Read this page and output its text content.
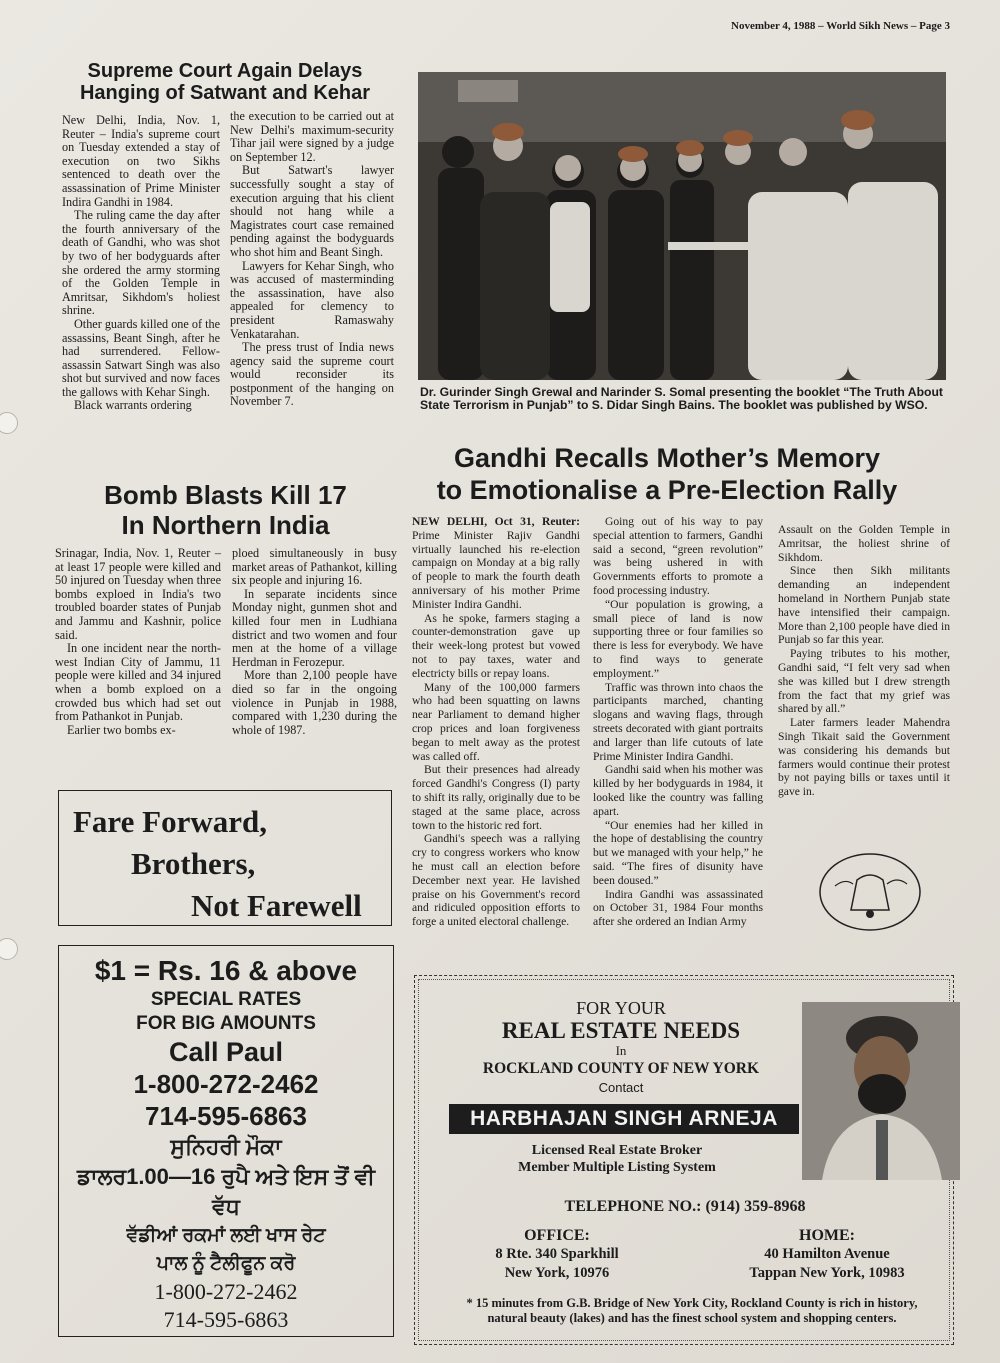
November 4, 1988 – World Sikh News – Page 3
Supreme Court Again Delays
Hanging of Satwant and Kehar

New Delhi, India, Nov. 1, Reuter – India's supreme court on Tuesday extended a stay of execution on two Sikhs sentenced to death over the assassination of Prime Minister Indira Gandhi in 1984.

The ruling came the day after the fourth anniversary of the death of Gandhi, who was shot by two of her bodyguards after she ordered the army storming of the Golden Temple in Amritsar, Sikhdom's holiest shrine.

Other guards killed one of the assassins, Beant Singh, after he had surrendered. Fellow-assassin Satwart Singh was also shot but survived and now faces the gallows with Kehar Singh.

Black warrants ordering

the execution to be carried out at New Delhi's maximum-security Tihar jail were signed by a judge on September 12.

But Satwart's lawyer successfully sought a stay of execution arguing that his client should not hang while a Magistrates court case remained pending against the bodyguards who shot him and Beant Singh.

Lawyers for Kehar Singh, who was accused of masterminding the assassination, have also appealed for clemency to president Ramaswahy Venkatarahan.

The press trust of India news agency said the supreme court would reconsider its postponment of the hanging on November 7.

Dr. Gurinder Singh Grewal and Narinder S. Somal presenting the booklet “The Truth About State Terrorism in Punjab” to S. Didar Singh Bains. The booklet was published by WSO.
Bomb Blasts Kill 17
In Northern India

Srinagar, India, Nov. 1, Reuter – at least 17 people were killed and 50 injured on Tuesday when three bombs exploed in India's two troubled boarder states of Punjab and Jammu and Kashnir, police said.

In one incident near the north-west Indian City of Jammu, 11 people were killed and 34 injured when a bomb exploed on a crowded bus which had set out from Pathankot in Punjab.

Earlier two bombs ex-

ploed simultaneously in busy market areas of Pathankot, killing six people and injuring 16.

In separate incidents since Monday night, gunmen shot and killed four men in Ludhiana district and two women and four men at the home of a village Herdman in Ferozepur.

More than 2,100 people have died so far in the ongoing violence in Punjab in 1988, compared with 1,230 during the whole of 1987.

Gandhi Recalls Mother’s Memory
to Emotionalise a Pre-Election Rally

NEW DELHI, Oct 31, Reuter: Prime Minister Rajiv Gandhi virtually launched his re-election campaign on Monday at a big rally of people to mark the fourth death anniversary of his mother Prime Minister Indira Gandhi.

As he spoke, farmers staging a counter-demonstration gave up their week-long protest but vowed not to pay taxes, water and electricty bills or repay loans.

Many of the 100,000 farmers who had been squatting on lawns near Parliament to demand higher crop prices and loan forgiveness began to melt away as the protest was called off.

But their presences had already forced Gandhi's Congress (I) party to shift its rally, originally due to be staged at the same place, across town to the historic red fort.

Gandhi's speech was a rallying cry to congress workers who know he must call an election before December next year. He lavished praise on his Government's record and ridiculed opposition efforts to forge a united electoral challenge.

Going out of his way to pay special attention to farmers, Gandhi said a second, “green revolution” was being ushered in with Governments efforts to promote a food processing industry.

“Our population is growing, a small piece of land is now supporting three or four families so there is less for everybody. We have to find ways to generate employment.”

Traffic was thrown into chaos the participants marched, chanting slogans and waving flags, through streets decorated with giant portraits and larger than life cutouts of late Prime Minister Indira Gandhi.

Gandhi said when his mother was killed by her bodyguards in 1984, it looked like the country was falling apart.

“Our enemies had her killed in the hope of destablising the country but we managed with your help,” he said. “The fires of disunity have been doused.”

Indira Gandhi was assassinated on October 31, 1984 Four months after she ordered an Indian Army

Assault on the Golden Temple in Amritsar, the holiest shrine of Sikhdom.

Since then Sikh militants demanding an independent homeland in Northern Punjab state have intensified their campaign. More than 2,100 people have died in Punjab so far this year.

Paying tributes to his mother, Gandhi said, “I felt very sad when she was killed but I drew strength from the fact that my grief was shared by all.”

Later farmers leader Mahendra Singh Tikait said the Government was considering his demands but farmers would continue their protest by not paying bills or taxes until it gave in.

Fare Forward,
Brothers,
Not Farewell
$1 = Rs. 16 & above
SPECIAL RATES
FOR BIG AMOUNTS
Call Paul
1-800-272-2462
714-595-6863
ਸੁਨਿਹਰੀ ਮੌਕਾ
ਡਾਲਰ1.00—16 ਰੁਪੈ ਅਤੇ ਇਸ ਤੋਂ ਵੀ
ਵੱਧ
ਵੱਡੀਆਂ ਰਕਮਾਂ ਲਈ ਖਾਸ ਰੇਟ
ਪਾਲ ਨੂੰ ਟੈਲੀਫੂਨ ਕਰੋ
1-800-272-2462
714-595-6863
FOR YOUR
REAL ESTATE NEEDS
In
ROCKLAND COUNTY OF NEW YORK
Contact
HARBHAJAN SINGH ARNEJA
Licensed Real Estate Broker
Member Multiple Listing System
TELEPHONE NO.: (914) 359-8968
OFFICE:
8 Rte. 340 Sparkhill
New York, 10976
HOME:
40 Hamilton Avenue
Tappan New York, 10983
* 15 minutes from G.B. Bridge of New York City, Rockland County is rich in history, natural beauty (lakes) and has the finest school system and shopping centers.
